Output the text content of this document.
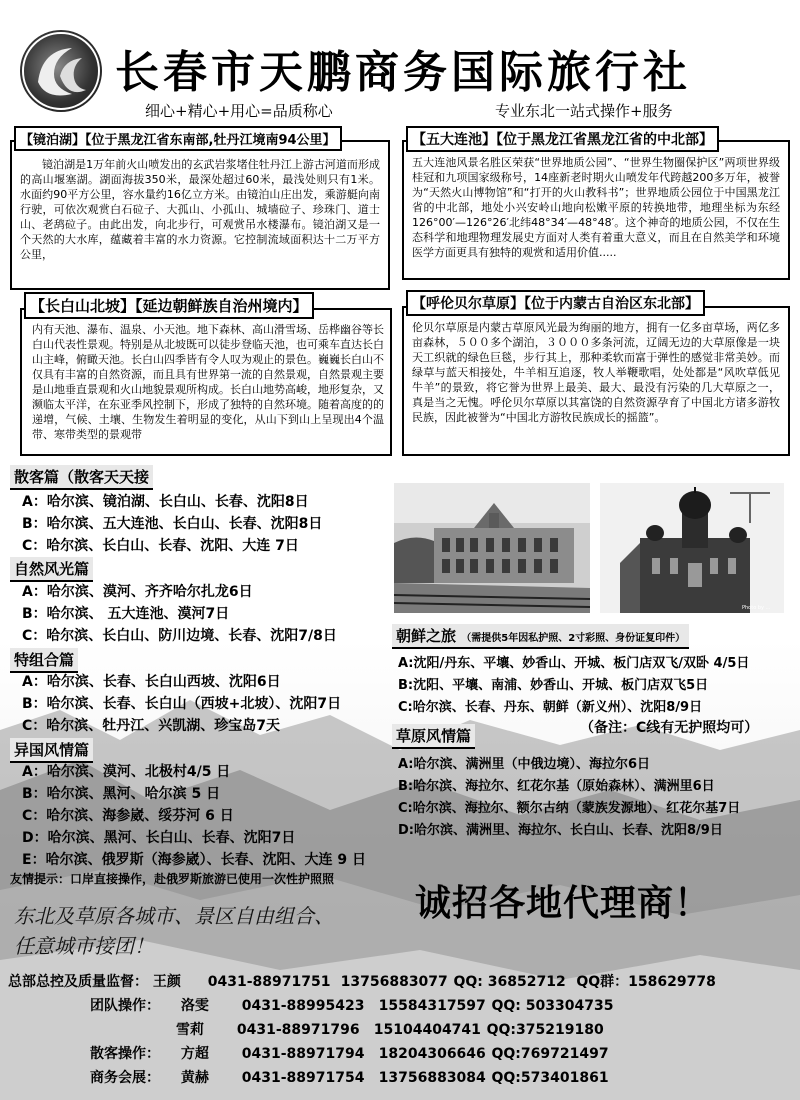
长春市天鹏商务国际旅行社
细心+精心+用心=品质称心	专业东北一站式操作+服务
【镜泊湖】【位于黑龙江省东南部,牡丹江境南94公里】
镜泊湖是1万年前火山喷发出的玄武岩浆堵住牡丹江上游古河道而形成的高山堰塞湖。湖面海拔350米，最深处超过60米，最浅处则只有1米。水面约90平方公里，容水量约16亿立方米。由镜泊山庄出发，乘游艇向南行驶，可依次观赏白石砬子、大孤山、小孤山、城墙砬子、珍珠门、道士山、老鸹砬子。由此出发，向北步行，可观赏吊水楼瀑布。镜泊湖又是一个天然的大水库，蕴藏着丰富的水力资源。它控制流域面积达十二万平方公里，
【五大连池】【位于黑龙江省黑龙江省的中北部】
五大连池风景名胜区荣获“世界地质公园”、“世界生物圈保护区”两项世界级桂冠和九项国家级称号，14座新老时期火山喷发年代跨越200多万年，被誉为“天然火山博物馆”和“打开的火山教科书”；世界地质公园位于中国黑龙江省的中北部，地处小兴安岭山地向松嫩平原的转换地带，地理坐标为东经126°00′—126°26′北纬48°34′—48°48′。这个神奇的地质公园，不仅在生态科学和地理物理发展史方面对人类有着重大意义，而且在自然美学和环境医学方面更具有独特的观赏和适用价值.....
【长白山北坡】【延边朝鲜族自治州境内】
内有天池、瀑布、温泉、小天池。地下森林、高山滑雪场、岳桦幽谷等长白山代表性景观。特别是从北坡既可以徒步登临天池，也可乘车直达长白山主峰，俯瞰天池。长白山四季皆有令人叹为观止的景色。巍巍长白山不仅具有丰富的自然资源，而且具有世界第一流的自然景观，自然景观主要是山地垂直景观和火山地貌景观所构成。长白山地势高峻，地形复杂，又濒临太平洋，在东亚季风控制下，形成了独特的自然环境。随着高度的的递增，气候、土壤、生物发生着明显的变化，从山下到山上呈现出4个温带、寒带类型的景观带
【呼伦贝尔草原】【位于内蒙古自治区东北部】
伦贝尔草原是内蒙古草原风光最为绚丽的地方，拥有一亿多亩草场，两亿多亩森林，５００多个湖泊，３０００多条河流，辽阔无边的大草原像是一块天工织就的绿色巨毯，步行其上，那种柔软而富于弹性的感觉非常美妙。而绿草与蓝天相接处，牛羊相互追逐，牧人举鞭歌唱，处处都是“风吹草低见牛羊”的景致，将它誉为世界上最美、最大、最没有污染的几大草原之一，真是当之无愧。呼伦贝尔草原以其富饶的自然资源孕育了中国北方诸多游牧民族，因此被誉为“中国北方游牧民族成长的摇篮”。
散客篇（散客天天接
A：哈尔滨、镜泊湖、长白山、长春、沈阳8日
B：哈尔滨、五大连池、长白山、长春、沈阳8日
C：哈尔滨、长白山、长春、沈阳、大连 7日
自然风光篇
A：哈尔滨、漠河、齐齐哈尔扎龙6日
B：哈尔滨、 五大连池、漠河7日
C：哈尔滨、长白山、防川边境、长春、沈阳7/8日
特组合篇
A：哈尔滨、长春、长白山西坡、沈阳6日
B：哈尔滨、长春、长白山（西坡+北坡）、沈阳7日
C：哈尔滨、牡丹江、兴凯湖、珍宝岛7天
异国风情篇
A：哈尔滨、漠河、北极村4/5 日
B：哈尔滨、黑河、哈尔滨 5 日
C：哈尔滨、海参崴、绥芬河 6 日
D：哈尔滨、黑河、长白山、长春、沈阳7日
E：哈尔滨、俄罗斯（海参崴）、长春、沈阳、大连 9 日
Photo by ...
朝鲜之旅 （需提供5年因私护照、2寸彩照、身份证复印件）
A:沈阳/丹东、平壤、妙香山、开城、板门店双飞/双卧 4/5日
B:沈阳、平壤、南浦、妙香山、开城、板门店双飞5日
C:哈尔滨、长春、丹东、朝鲜（新义州）、沈阳8/9日
（备注：C线有无护照均可）
草原风情篇
A:哈尔滨、满洲里（中俄边境）、海拉尔6日
B:哈尔滨、海拉尔、红花尔基（原始森林）、满洲里6日
C:哈尔滨、海拉尔、额尔古纳（蒙族发源地）、红花尔基7日
D:哈尔滨、满洲里、海拉尔、长白山、长春、沈阳8/9日
友情提示：口岸直接操作，赴俄罗斯旅游已使用一次性护照照
诚招各地代理商！
东北及草原各城市、景区自由组合、
任意城市接团！
总部总控及质量监督： 王颜 0431-88971751 13756883077 QQ: 36852712 QQ群：158629778
团队操作： 洛雯 0431-88995423 15584317597 QQ: 503304735
雪莉 0431-88971796 15104404741 QQ:375219180
散客操作： 方超 0431-88971794 18204306646 QQ:769721497
商务会展： 黄赫 0431-88971754 13756883084 QQ:573401861
